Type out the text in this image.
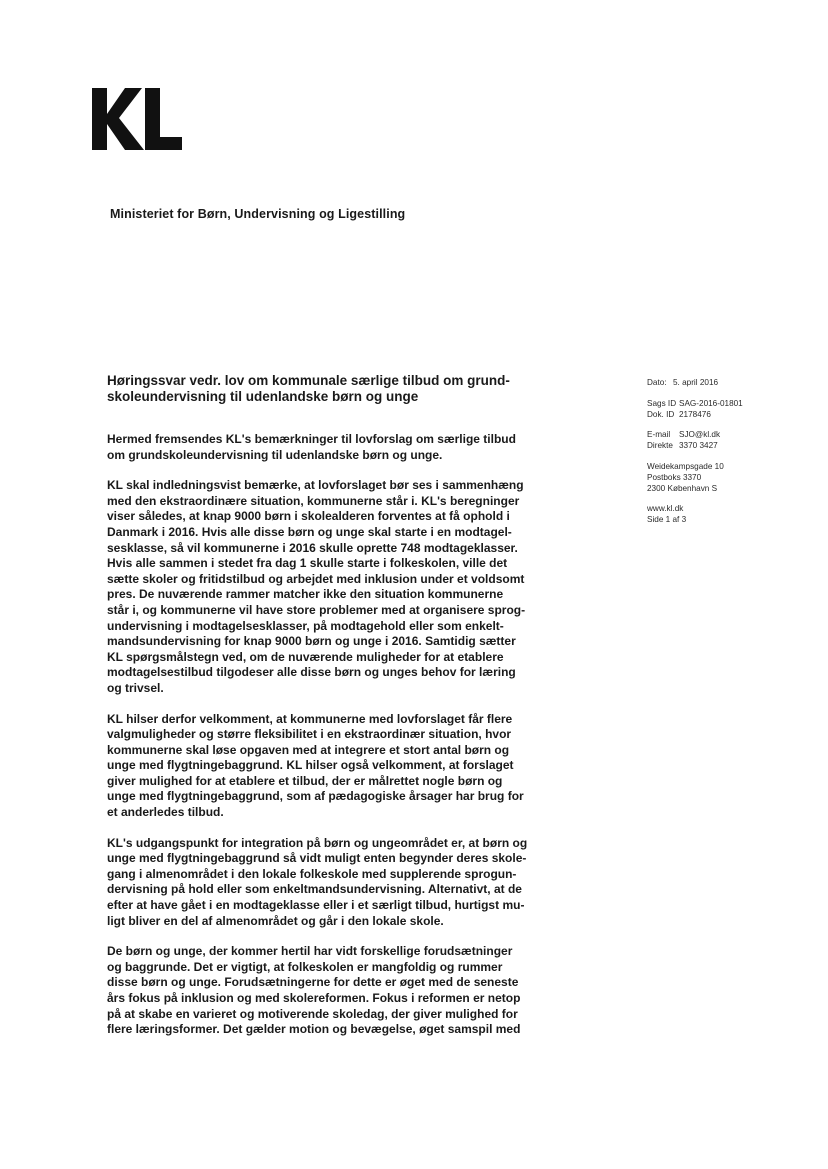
Ministeriet for Børn, Undervisning og Ligestilling
Høringssvar vedr. lov om kommunale særlige tilbud om grund-
skoleundervisning til udenlandske børn og unge
Hermed fremsendes KL's bemærkninger til lovforslag om særlige tilbud
om grundskoleundervisning til udenlandske børn og unge.
KL skal indledningsvist bemærke, at lovforslaget bør ses i sammenhæng
med den ekstraordinære situation, kommunerne står i. KL's beregninger
viser således, at knap 9000 børn i skolealderen forventes at få ophold i
Danmark i 2016. Hvis alle disse børn og unge skal starte i en modtagel-
sesklasse, så vil kommunerne i 2016 skulle oprette 748 modtageklasser.
Hvis alle sammen i stedet fra dag 1 skulle starte i folkeskolen, ville det
sætte skoler og fritidstilbud og arbejdet med inklusion under et voldsomt
pres. De nuværende rammer matcher ikke den situation kommunerne
står i, og kommunerne vil have store problemer med at organisere sprog-
undervisning i modtagelsesklasser, på modtagehold eller som enkelt-
mandsundervisning for knap 9000 børn og unge i 2016. Samtidig sætter
KL spørgsmålstegn ved, om de nuværende muligheder for at etablere
modtagelsestilbud tilgodeser alle disse børn og unges behov for læring
og trivsel.
KL hilser derfor velkomment, at kommunerne med lovforslaget får flere
valgmuligheder og større fleksibilitet i en ekstraordinær situation, hvor
kommunerne skal løse opgaven med at integrere et stort antal børn og
unge med flygtningebaggrund. KL hilser også velkomment, at forslaget
giver mulighed for at etablere et tilbud, der er målrettet nogle børn og
unge med flygtningebaggrund, som af pædagogiske årsager har brug for
et anderledes tilbud.
KL's udgangspunkt for integration på børn og ungeområdet er, at børn og
unge med flygtningebaggrund så vidt muligt enten begynder deres skole-
gang i almenområdet i den lokale folkeskole med supplerende sprogun-
dervisning på hold eller som enkeltmandsundervisning. Alternativt, at de
efter at have gået i en modtageklasse eller i et særligt tilbud, hurtigst mu-
ligt bliver en del af almenområdet og går i den lokale skole.
De børn og unge, der kommer hertil har vidt forskellige forudsætninger
og baggrunde. Det er vigtigt, at folkeskolen er mangfoldig og rummer
disse børn og unge. Forudsætningerne for dette er øget med de seneste
års fokus på inklusion og med skolereformen. Fokus i reformen er netop
på at skabe en varieret og motiverende skoledag, der giver mulighed for
flere læringsformer. Det gælder motion og bevægelse, øget samspil med
Dato: 5. april 2016
Sags ID SAG-2016-01801
Dok. ID 2178476
E-mail	SJO@kl.dk
Direkte 3370 3427
Weidekampsgade 10
Postboks 3370
2300 København S
www.kl.dk
Side 1 af 3
